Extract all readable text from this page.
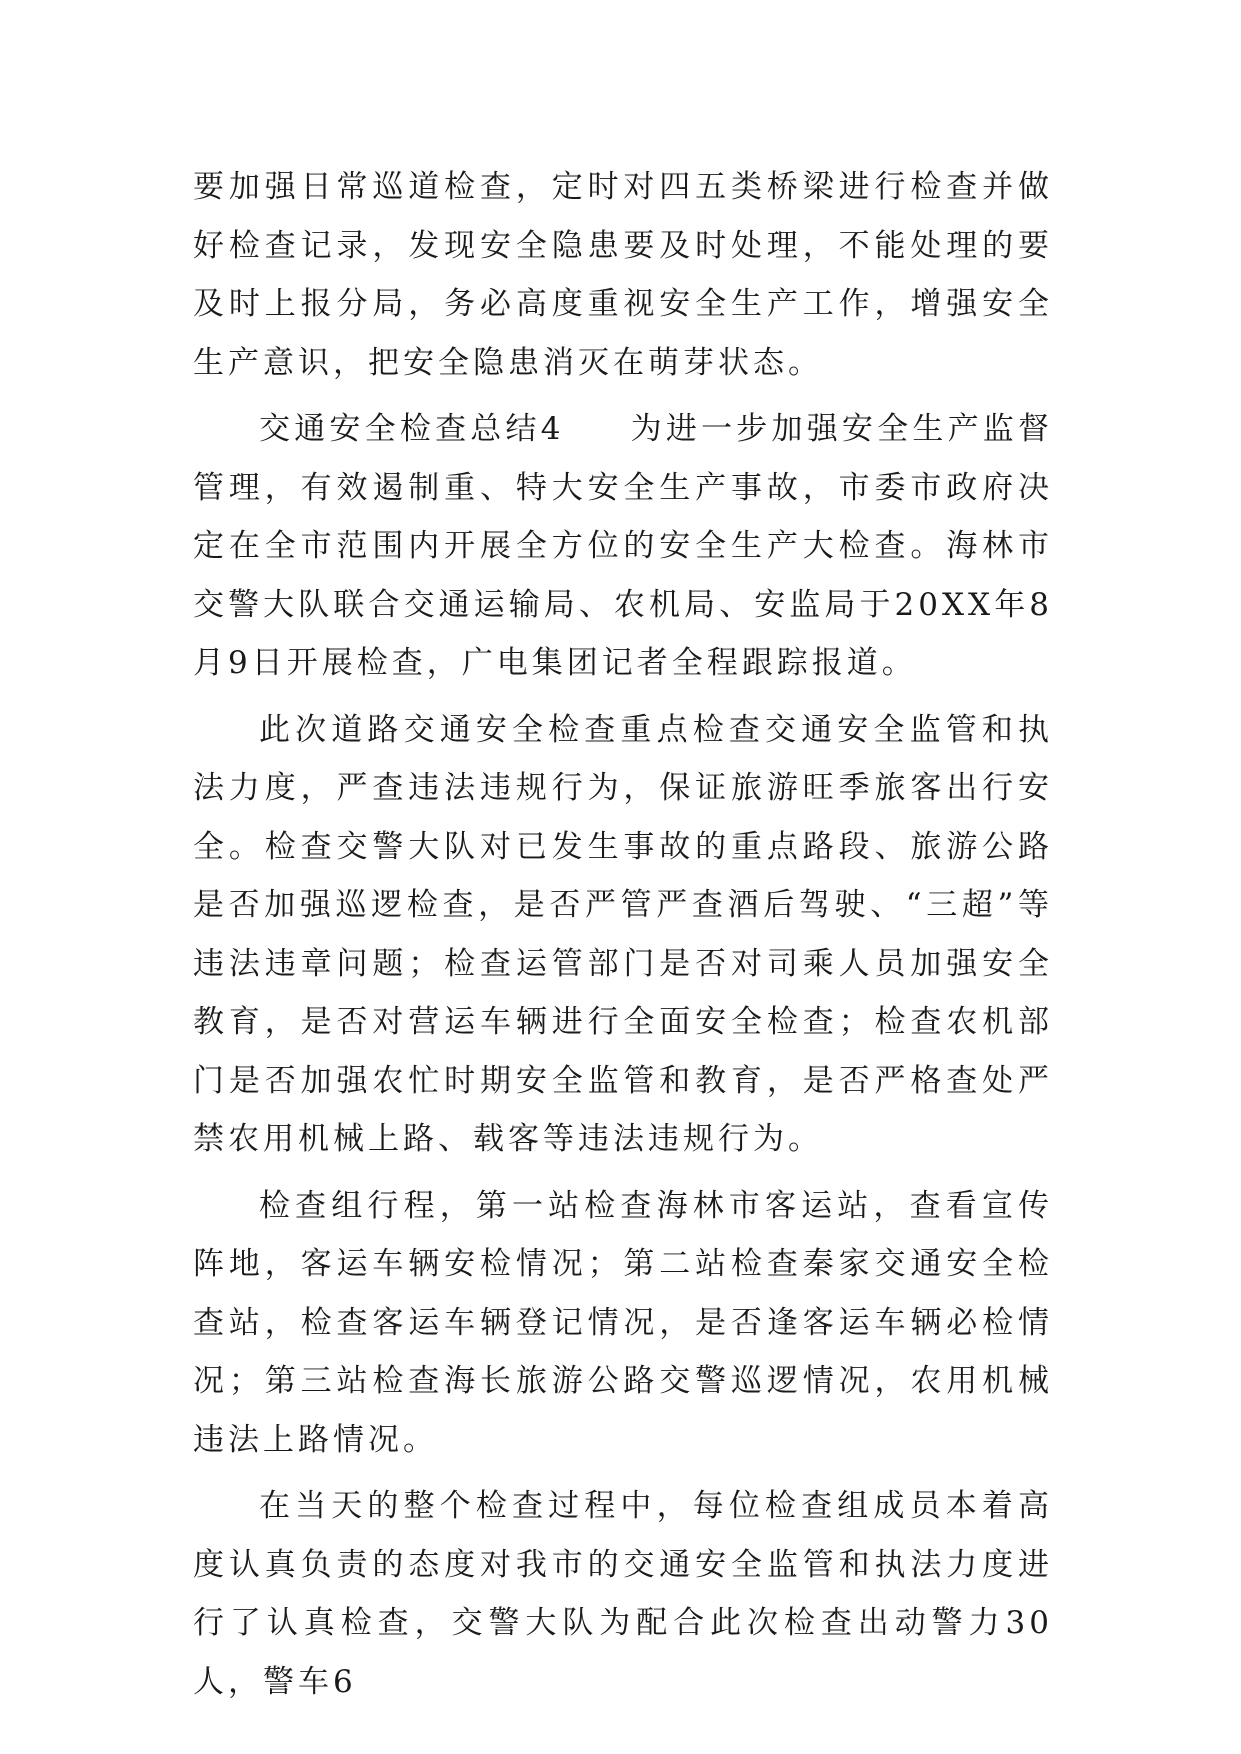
要加强日常巡道检查，定时对四五类桥梁进行检查并做好检查记录，发现安全隐患要及时处理，不能处理的要及时上报分局，务必高度重视安全生产工作，增强安全生产意识，把安全隐患消灭在萌芽状态。

交通安全检查总结4 为进一步加强安全生产监督管理，有效遏制重、特大安全生产事故，市委市政府决定在全市范围内开展全方位的安全生产大检查。海林市交警大队联合交通运输局、农机局、安监局于20XX年8月9日开展检查，广电集团记者全程跟踪报道。

此次道路交通安全检查重点检查交通安全监管和执法力度，严查违法违规行为，保证旅游旺季旅客出行安全。检查交警大队对已发生事故的重点路段、旅游公路是否加强巡逻检查，是否严管严查酒后驾驶、“三超”等违法违章问题；检查运管部门是否对司乘人员加强安全教育，是否对营运车辆进行全面安全检查；检查农机部门是否加强农忙时期安全监管和教育，是否严格查处严禁农用机械上路、载客等违法违规行为。

检查组行程，第一站检查海林市客运站，查看宣传阵地，客运车辆安检情况；第二站检查秦家交通安全检查站，检查客运车辆登记情况，是否逢客运车辆必检情况；第三站检查海长旅游公路交警巡逻情况，农用机械违法上路情况。

在当天的整个检查过程中，每位检查组成员本着高度认真负责的态度对我市的交通安全监管和执法力度进行了认真检查，交警大队为配合此次检查出动警力30人，警车6
